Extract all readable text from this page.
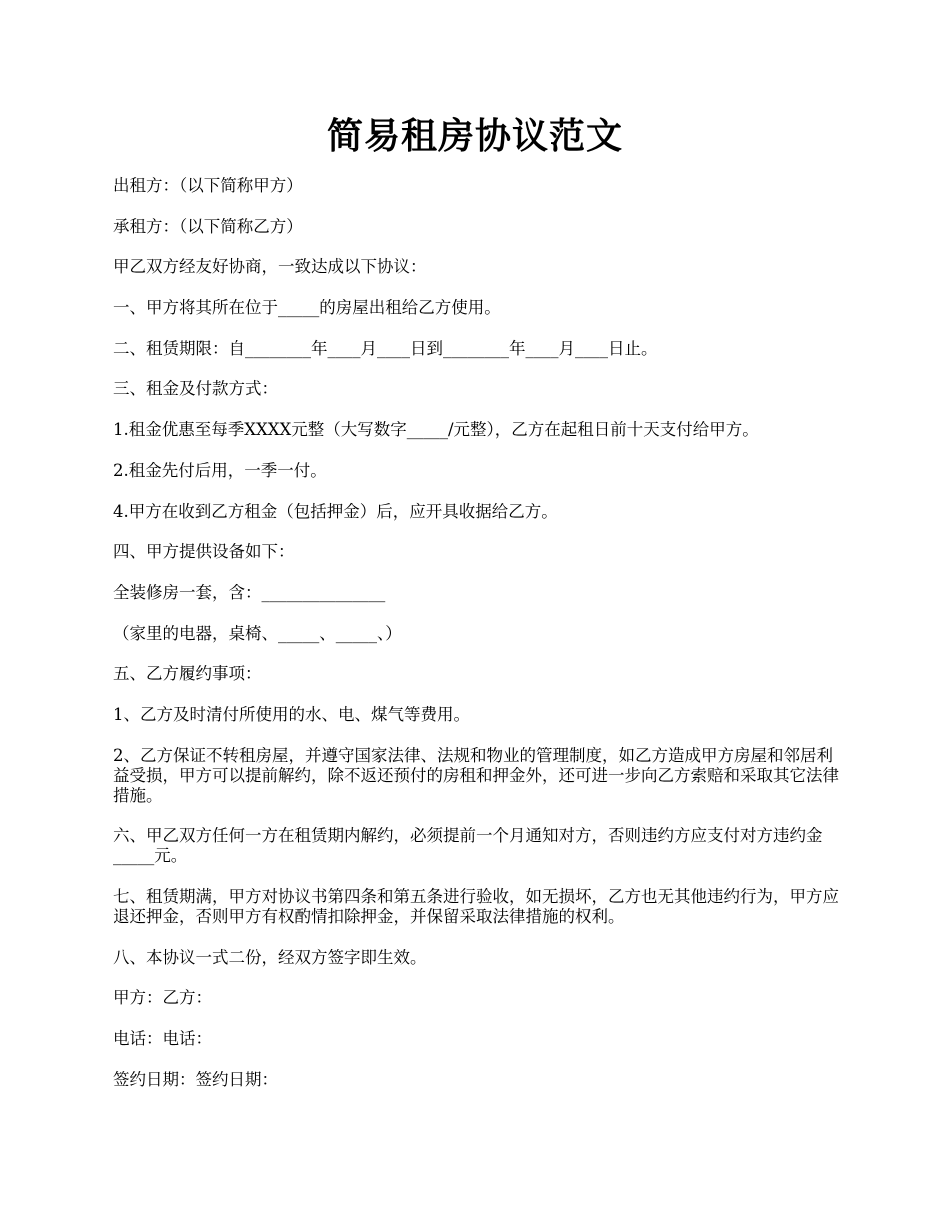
简易租房协议范文

出租方：（以下简称甲方）

承租方：（以下简称乙方）

甲乙双方经友好协商，一致达成以下协议：

一、甲方将其所在位于_____的房屋出租给乙方使用。

二、租赁期限：自________年____月____日到________年____月____日止。

三、租金及付款方式：

1.租金优惠至每季XXXX元整（大写数字_____/元整），乙方在起租日前十天支付给甲方。

2.租金先付后用，一季一付。

4.甲方在收到乙方租金（包括押金）后，应开具收据给乙方。

四、甲方提供设备如下：

全装修房一套，含：_______________

（家里的电器，桌椅、_____、_____、）

五、乙方履约事项：

1、乙方及时清付所使用的水、电、煤气等费用。

2、乙方保证不转租房屋，并遵守国家法律、法规和物业的管理制度，如乙方造成甲方房屋和邻居利益受损，甲方可以提前解约，除不返还预付的房租和押金外，还可进一步向乙方索赔和采取其它法律措施。

六、甲乙双方任何一方在租赁期内解约，必须提前一个月通知对方，否则违约方应支付对方违约金_____元。

七、租赁期满，甲方对协议书第四条和第五条进行验收，如无损坏，乙方也无其他违约行为，甲方应退还押金，否则甲方有权酌情扣除押金，并保留采取法律措施的权利。

八、本协议一式二份，经双方签字即生效。

甲方：乙方：

电话：电话：

签约日期：签约日期：
